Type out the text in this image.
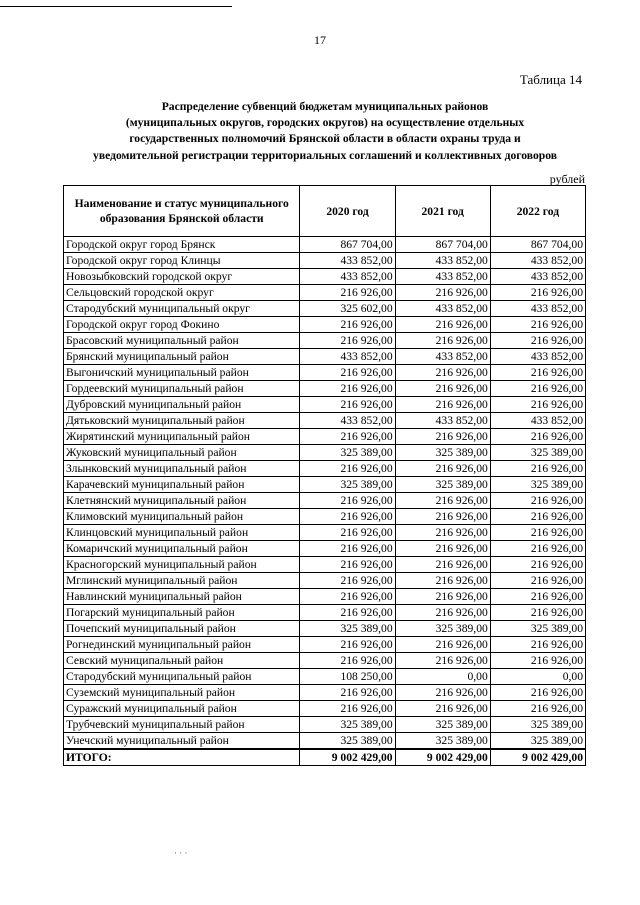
17
Таблица 14
Распределение субвенций бюджетам муниципальных районов
(муниципальных округов, городских округов) на осуществление отдельных
государственных полномочий Брянской области в области охраны труда и
уведомительной регистрации территориальных соглашений и коллективных договоров
рублей
Наименование и статус муниципального образования Брянской области	2020 год	2021 год	2022 год
Городской округ город Брянск	867 704,00	867 704,00	867 704,00
Городской округ город Клинцы	433 852,00	433 852,00	433 852,00
Новозыбковский городской округ	433 852,00	433 852,00	433 852,00
Сельцовский городской округ	216 926,00	216 926,00	216 926,00
Стародубский муниципальный округ	325 602,00	433 852,00	433 852,00
Городской округ город Фокино	216 926,00	216 926,00	216 926,00
Брасовский муниципальный район	216 926,00	216 926,00	216 926,00
Брянский муниципальный район	433 852,00	433 852,00	433 852,00
Выгоничский муниципальный район	216 926,00	216 926,00	216 926,00
Гордеевский муниципальный район	216 926,00	216 926,00	216 926,00
Дубровский муниципальный район	216 926,00	216 926,00	216 926,00
Дятьковский муниципальный район	433 852,00	433 852,00	433 852,00
Жирятинский муниципальный район	216 926,00	216 926,00	216 926,00
Жуковский муниципальный район	325 389,00	325 389,00	325 389,00
Злынковский муниципальный район	216 926,00	216 926,00	216 926,00
Карачевский муниципальный район	325 389,00	325 389,00	325 389,00
Клетнянский муниципальный район	216 926,00	216 926,00	216 926,00
Климовский муниципальный район	216 926,00	216 926,00	216 926,00
Клинцовский муниципальный район	216 926,00	216 926,00	216 926,00
Комаричский муниципальный район	216 926,00	216 926,00	216 926,00
Красногорский муниципальный район	216 926,00	216 926,00	216 926,00
Мглинский муниципальный район	216 926,00	216 926,00	216 926,00
Навлинский муниципальный район	216 926,00	216 926,00	216 926,00
Погарский муниципальный район	216 926,00	216 926,00	216 926,00
Почепский муниципальный район	325 389,00	325 389,00	325 389,00
Рогнединский муниципальный район	216 926,00	216 926,00	216 926,00
Севский муниципальный район	216 926,00	216 926,00	216 926,00
Стародубский муниципальный район	108 250,00	0,00	0,00
Суземский муниципальный район	216 926,00	216 926,00	216 926,00
Суражский муниципальный район	216 926,00	216 926,00	216 926,00
Трубчевский муниципальный район	325 389,00	325 389,00	325 389,00
Унечский муниципальный район	325 389,00	325 389,00	325 389,00
ИТОГО:	9 002 429,00	9 002 429,00	9 002 429,00
· · ·
